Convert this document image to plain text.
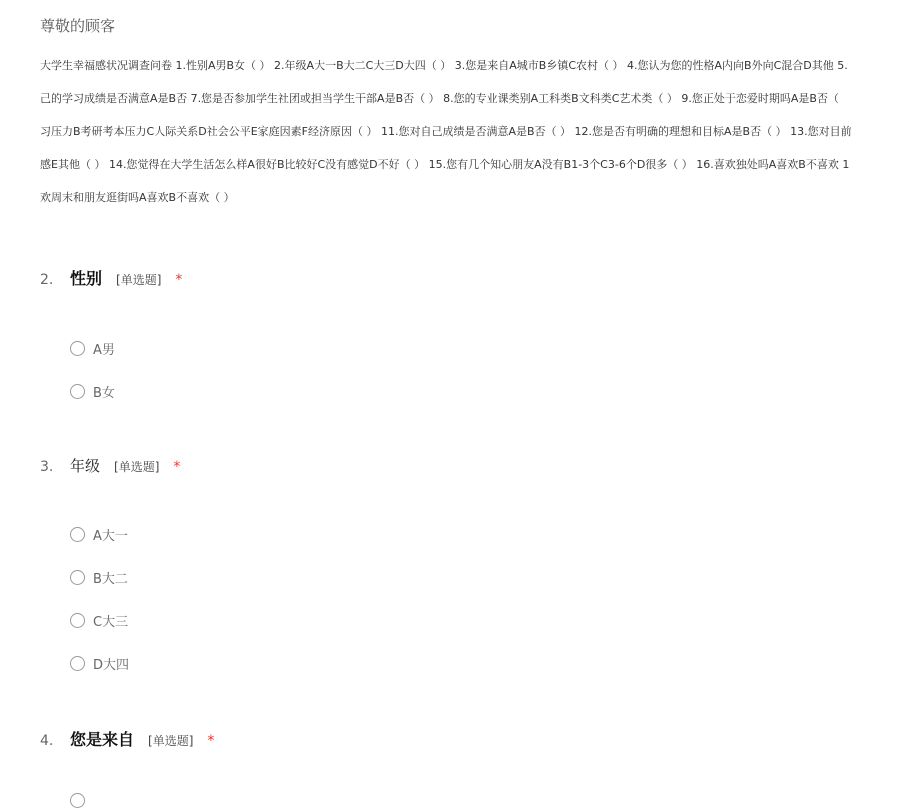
尊敬的顾客
大学生幸福感状况调查问卷 1.性别A男B女（ ） 2.年级A大一B大二C大三D大四（ ） 3.您是来自A城市B乡镇C农村（ ） 4.您认为您的性格A内向B外向C混合D其他 5.
己的学习成绩是否满意A是B否 7.您是否参加学生社团或担当学生干部A是B否（ ） 8.您的专业课类别A工科类B文科类C艺术类（ ） 9.您正处于恋爱时期吗A是B否（
习压力B考研考本压力C人际关系D社会公平E家庭因素F经济原因（ ） 11.您对自己成绩是否满意A是B否（ ） 12.您是否有明确的理想和目标A是B否（ ） 13.您对目前
感E其他（ ） 14.您觉得在大学生活怎么样A很好B比较好C没有感觉D不好（ ） 15.您有几个知心朋友A没有B1-3个C3-6个D很多（ ） 16.喜欢独处吗A喜欢B不喜欢 1
欢周末和朋友逛街吗A喜欢B不喜欢（ ）
2.	性别 [单选题] *
A男
B女
3.	年级 [单选题] *
A大一
B大二
C大三
D大四
4.	您是来自 [单选题] *
